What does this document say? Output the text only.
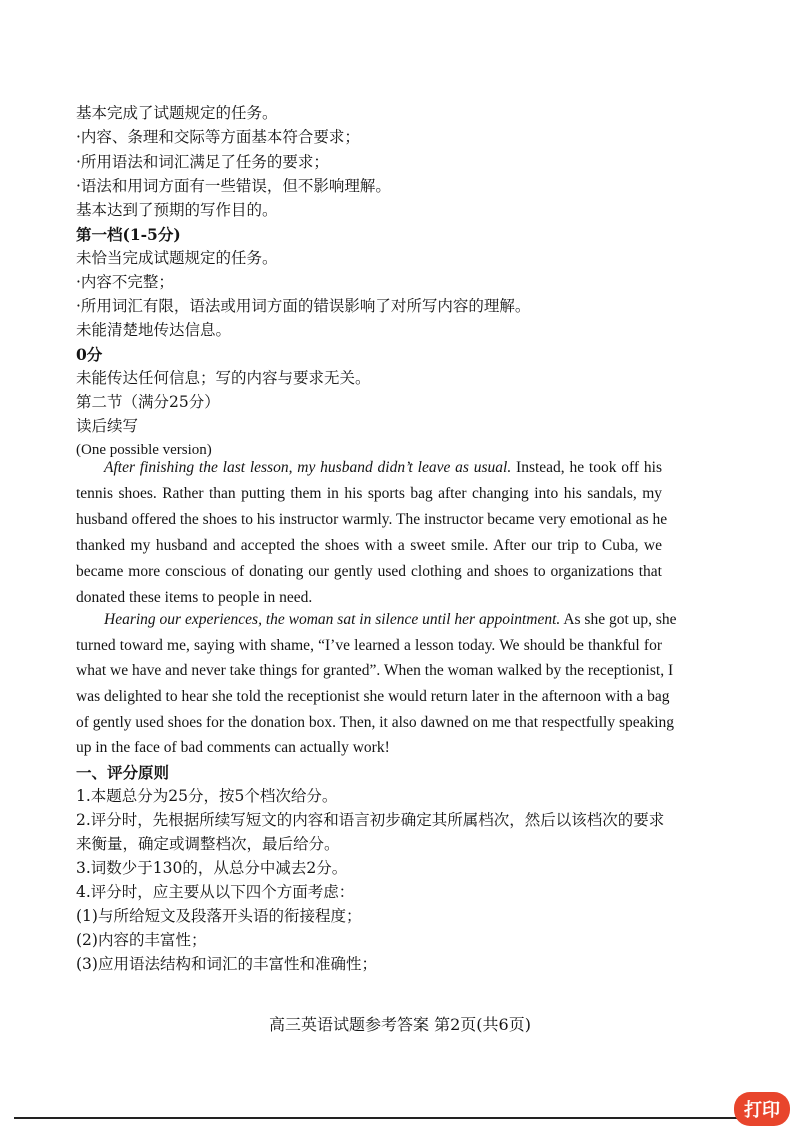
基本完成了试题规定的任务。
·内容、条理和交际等方面基本符合要求；
·所用语法和词汇满足了任务的要求；
·语法和用词方面有一些错误，但不影响理解。
基本达到了预期的写作目的。
第一档(1-5分)
未恰当完成试题规定的任务。
·内容不完整；
·所用词汇有限，语法或用词方面的错误影响了对所写内容的理解。
未能清楚地传达信息。
0分
未能传达任何信息；写的内容与要求无关。
第二节（满分25分）
读后续写
(One possible version)
After finishing the last lesson, my husband didn’t leave as usual. Instead, he took off his
tennis shoes. Rather than putting them in his sports bag after changing into his sandals, my
husband offered the shoes to his instructor warmly. The instructor became very emotional as he
thanked my husband and accepted the shoes with a sweet smile. After our trip to Cuba, we
became more conscious of donating our gently used clothing and shoes to organizations that
donated these items to people in need.
Hearing our experiences, the woman sat in silence until her appointment. As she got up, she
turned toward me, saying with shame, “I’ve learned a lesson today. We should be thankful for
what we have and never take things for granted”. When the woman walked by the receptionist, I
was delighted to hear she told the receptionist she would return later in the afternoon with a bag
of gently used shoes for the donation box. Then, it also dawned on me that respectfully speaking
up in the face of bad comments can actually work!
一、评分原则
1.本题总分为25分，按5个档次给分。
2.评分时，先根据所续写短文的内容和语言初步确定其所属档次，然后以该档次的要求
来衡量，确定或调整档次，最后给分。
3.词数少于130的，从总分中减去2分。
4.评分时，应主要从以下四个方面考虑：
(1)与所给短文及段落开头语的衔接程度；
(2)内容的丰富性；
(3)应用语法结构和词汇的丰富性和准确性；
高三英语试题参考答案 第2页(共6页)
打印
